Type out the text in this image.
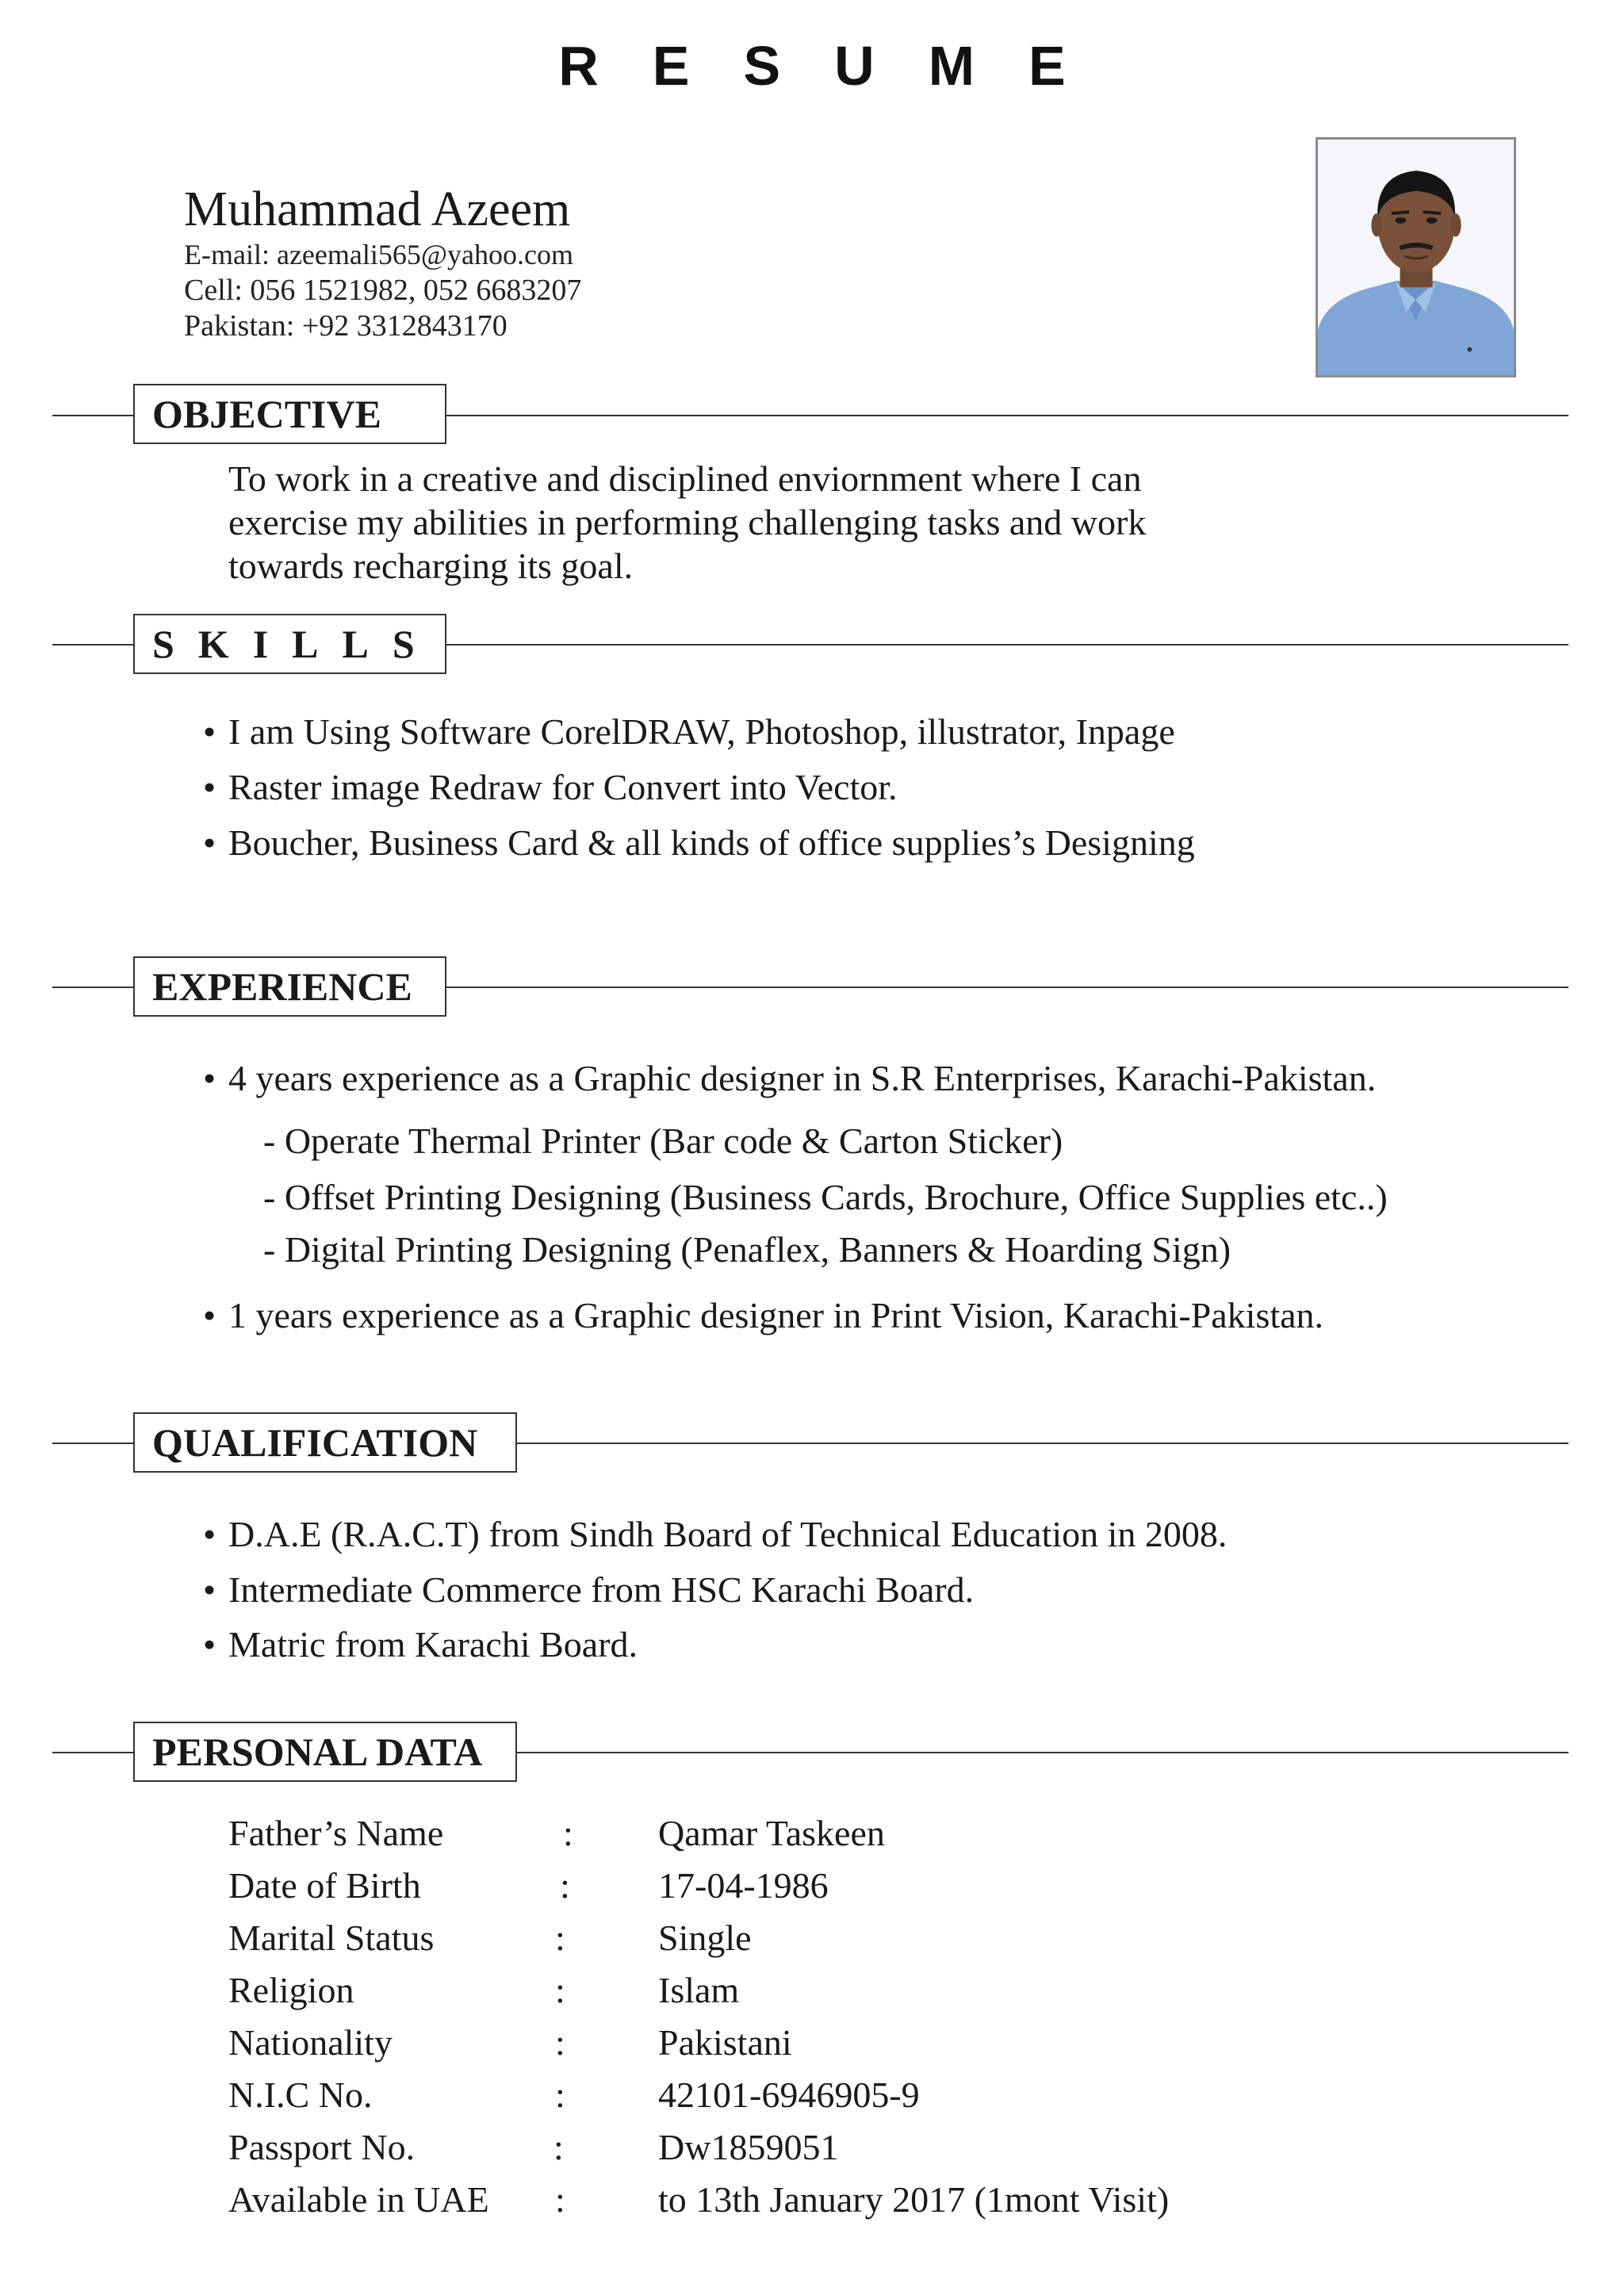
RESUME
Muhammad Azeem
E-mail: azeemali565@yahoo.com
Cell: 056 1521982, 052 6683207
Pakistan: +92 3312843170
OBJECTIVE
To work in a creative and disciplined enviornment where I can
exercise my abilities in performing challenging tasks and work
towards recharging its goal.
SKILLS
• I am Using Software CorelDRAW, Photoshop, illustrator, Inpage
• Raster image Redraw for Convert into Vector.
• Boucher, Business Card & all kinds of office supplies’s Designing
EXPERIENCE
• 4 years experience as a Graphic designer in S.R Enterprises, Karachi-Pakistan.
- Operate Thermal Printer (Bar code & Carton Sticker)
- Offset Printing Designing (Business Cards, Brochure, Office Supplies etc..)
- Digital Printing Designing (Penaflex, Banners & Hoarding Sign)
• 1 years experience as a Graphic designer in Print Vision, Karachi-Pakistan.
QUALIFICATION
• D.A.E (R.A.C.T) from Sindh Board of Technical Education in 2008.
• Intermediate Commerce from HSC Karachi Board.
• Matric from Karachi Board.
PERSONAL DATA
Father’s Name	: Qamar Taskeen
Date of Birth	: 17-04-1986
Marital Status	:	Single
Religion	:	Islam
Nationality	:	Pakistani
N.I.C No.	:	42101-6946905-9
Passport No.	:	Dw1859051
Available in UAE :	to 13th January 2017 (1mont Visit)
